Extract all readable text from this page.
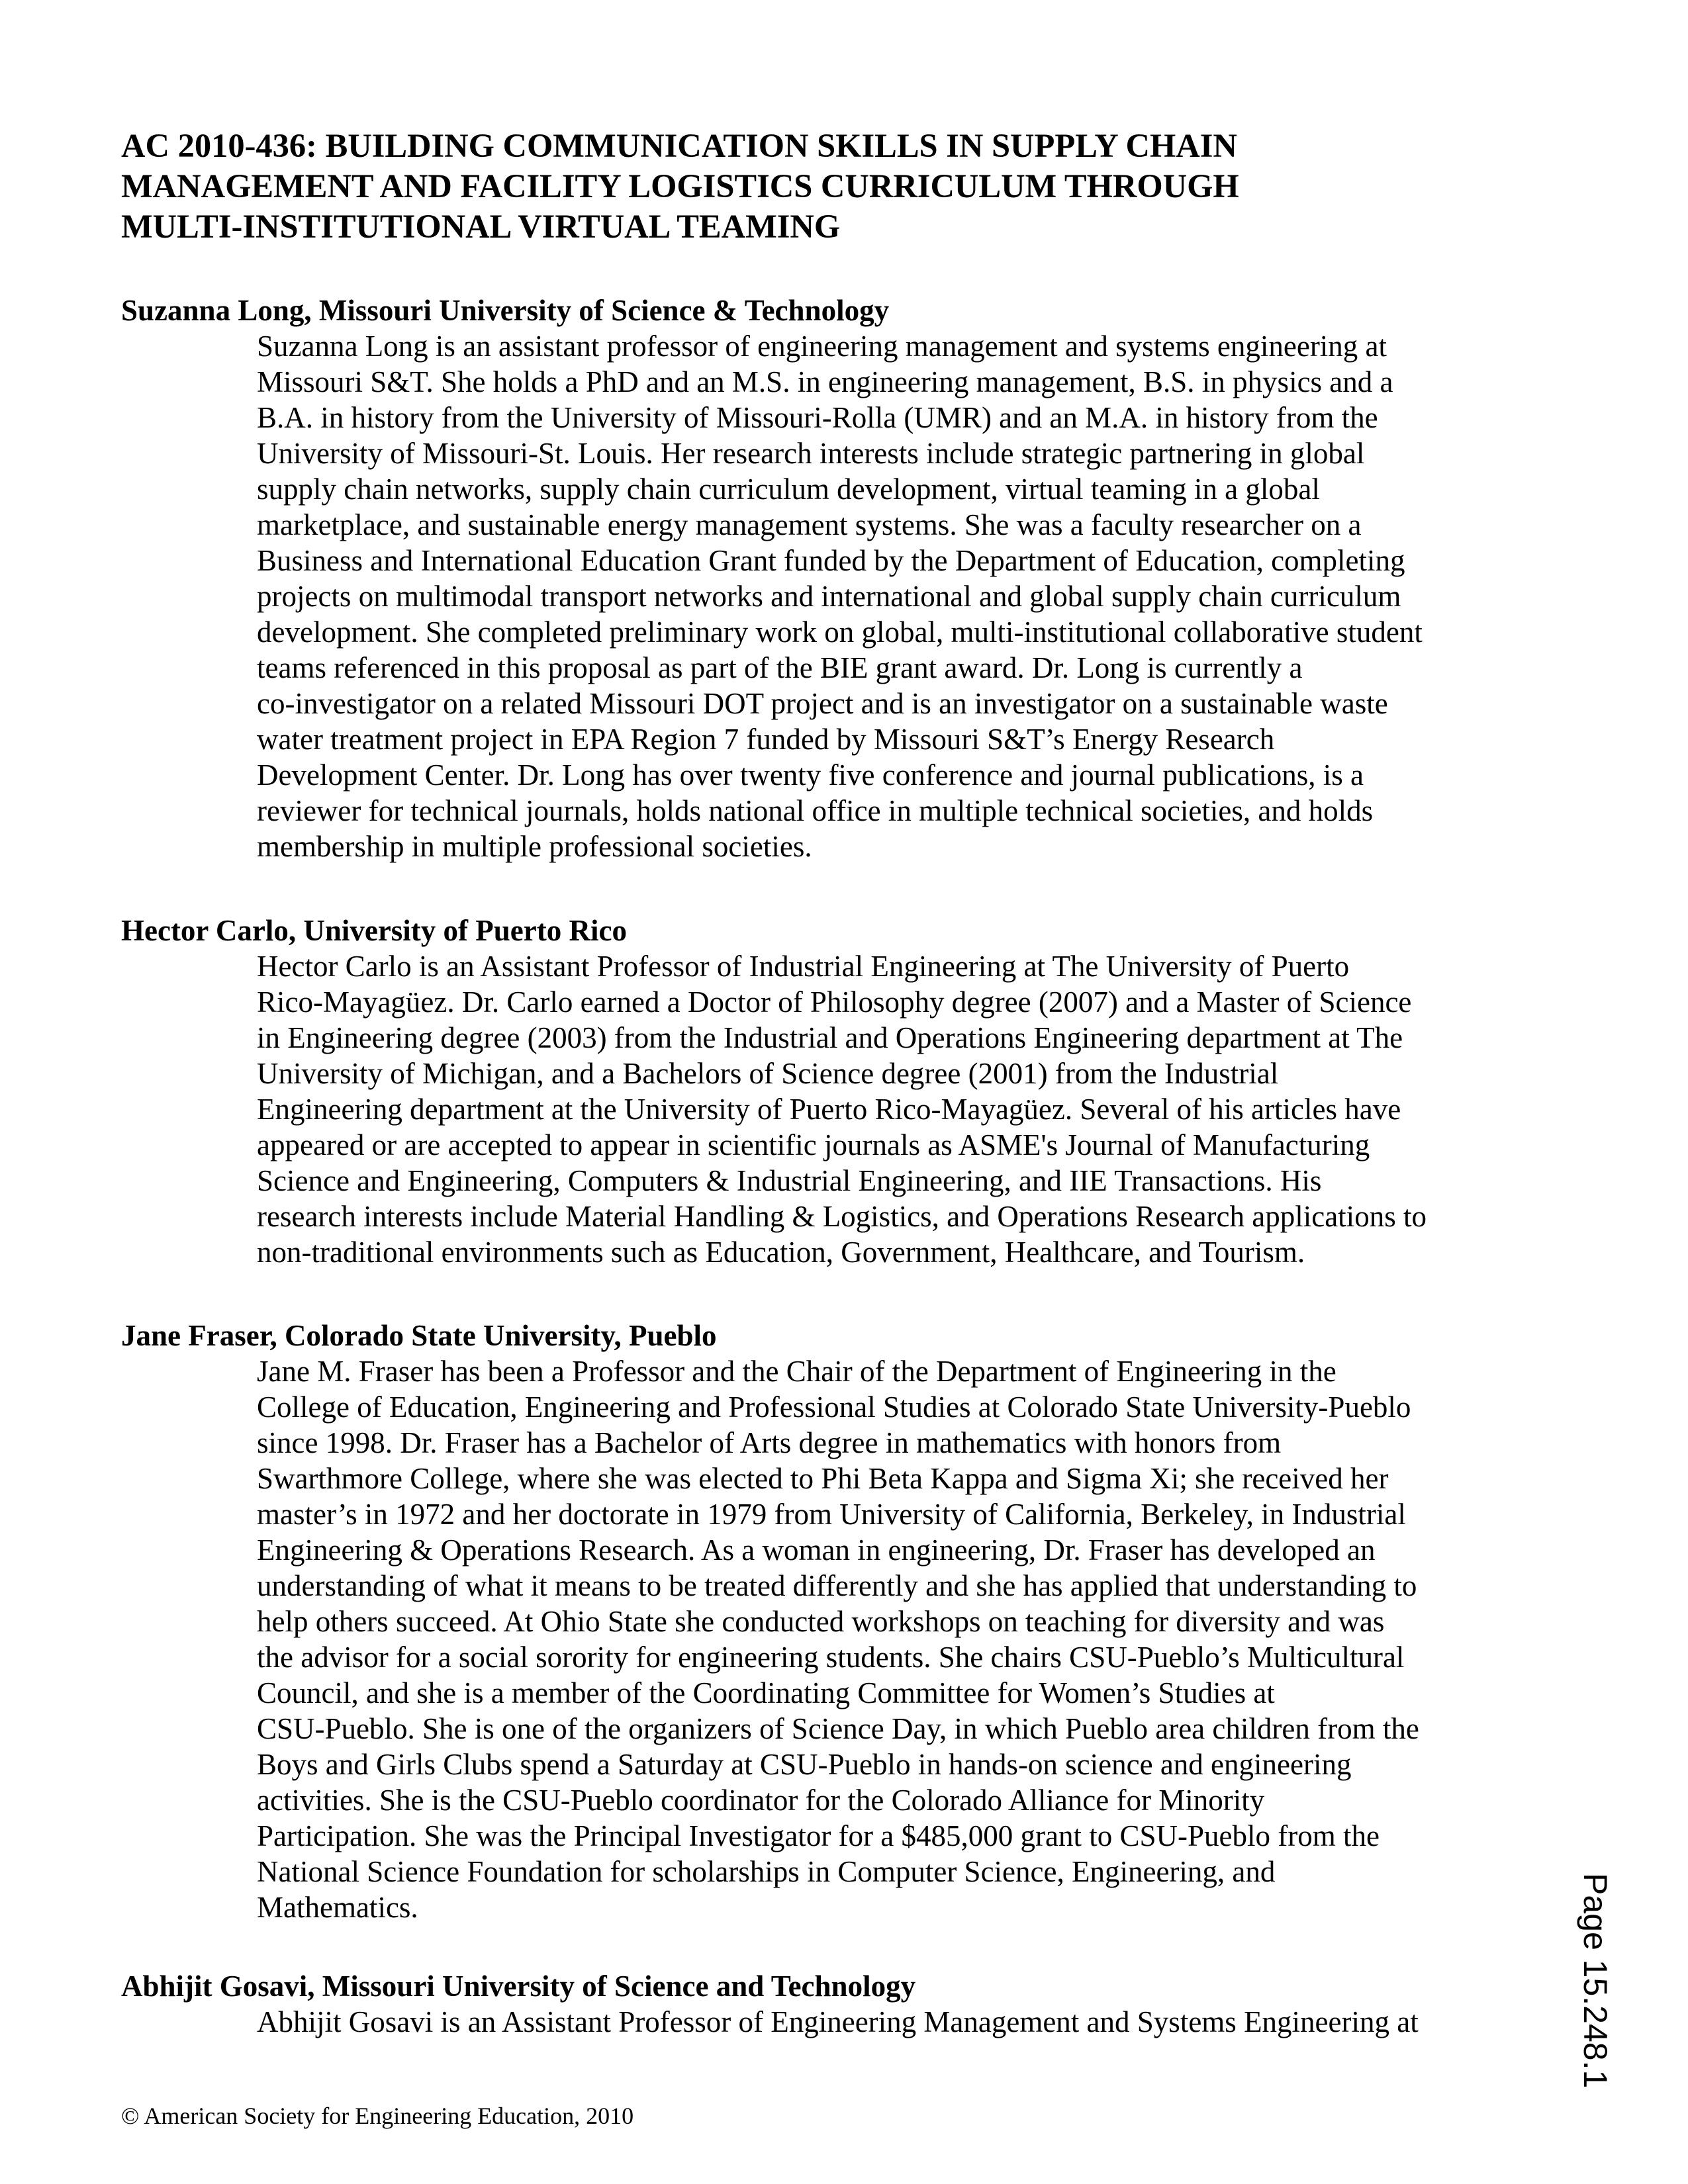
AC 2010-436: BUILDING COMMUNICATION SKILLS IN SUPPLY CHAIN
MANAGEMENT AND FACILITY LOGISTICS CURRICULUM THROUGH
MULTI-INSTITUTIONAL VIRTUAL TEAMING
Suzanna Long, Missouri University of Science & Technology
Suzanna Long is an assistant professor of engineering management and systems engineering at
Missouri S&T. She holds a PhD and an M.S. in engineering management, B.S. in physics and a
B.A. in history from the University of Missouri-Rolla (UMR) and an M.A. in history from the
University of Missouri-St. Louis. Her research interests include strategic partnering in global
supply chain networks, supply chain curriculum development, virtual teaming in a global
marketplace, and sustainable energy management systems. She was a faculty researcher on a
Business and International Education Grant funded by the Department of Education, completing
projects on multimodal transport networks and international and global supply chain curriculum
development. She completed preliminary work on global, multi-institutional collaborative student
teams referenced in this proposal as part of the BIE grant award. Dr. Long is currently a
co-investigator on a related Missouri DOT project and is an investigator on a sustainable waste
water treatment project in EPA Region 7 funded by Missouri S&T’s Energy Research
Development Center. Dr. Long has over twenty five conference and journal publications, is a
reviewer for technical journals, holds national office in multiple technical societies, and holds
membership in multiple professional societies.
Hector Carlo, University of Puerto Rico
Hector Carlo is an Assistant Professor of Industrial Engineering at The University of Puerto
Rico-Mayagüez. Dr. Carlo earned a Doctor of Philosophy degree (2007) and a Master of Science
in Engineering degree (2003) from the Industrial and Operations Engineering department at The
University of Michigan, and a Bachelors of Science degree (2001) from the Industrial
Engineering department at the University of Puerto Rico-Mayagüez. Several of his articles have
appeared or are accepted to appear in scientific journals as ASME's Journal of Manufacturing
Science and Engineering, Computers & Industrial Engineering, and IIE Transactions. His
research interests include Material Handling & Logistics, and Operations Research applications to
non-traditional environments such as Education, Government, Healthcare, and Tourism.
Jane Fraser, Colorado State University, Pueblo
Jane M. Fraser has been a Professor and the Chair of the Department of Engineering in the
College of Education, Engineering and Professional Studies at Colorado State University-Pueblo
since 1998. Dr. Fraser has a Bachelor of Arts degree in mathematics with honors from
Swarthmore College, where she was elected to Phi Beta Kappa and Sigma Xi; she received her
master’s in 1972 and her doctorate in 1979 from University of California, Berkeley, in Industrial
Engineering & Operations Research. As a woman in engineering, Dr. Fraser has developed an
understanding of what it means to be treated differently and she has applied that understanding to
help others succeed. At Ohio State she conducted workshops on teaching for diversity and was
the advisor for a social sorority for engineering students. She chairs CSU-Pueblo’s Multicultural
Council, and she is a member of the Coordinating Committee for Women’s Studies at
CSU-Pueblo. She is one of the organizers of Science Day, in which Pueblo area children from the
Boys and Girls Clubs spend a Saturday at CSU-Pueblo in hands-on science and engineering
activities. She is the CSU-Pueblo coordinator for the Colorado Alliance for Minority
Participation. She was the Principal Investigator for a $485,000 grant to CSU-Pueblo from the
National Science Foundation for scholarships in Computer Science, Engineering, and
Mathematics.
Abhijit Gosavi, Missouri University of Science and Technology
Abhijit Gosavi is an Assistant Professor of Engineering Management and Systems Engineering at
© American Society for Engineering Education, 2010
Page 15.248.1
